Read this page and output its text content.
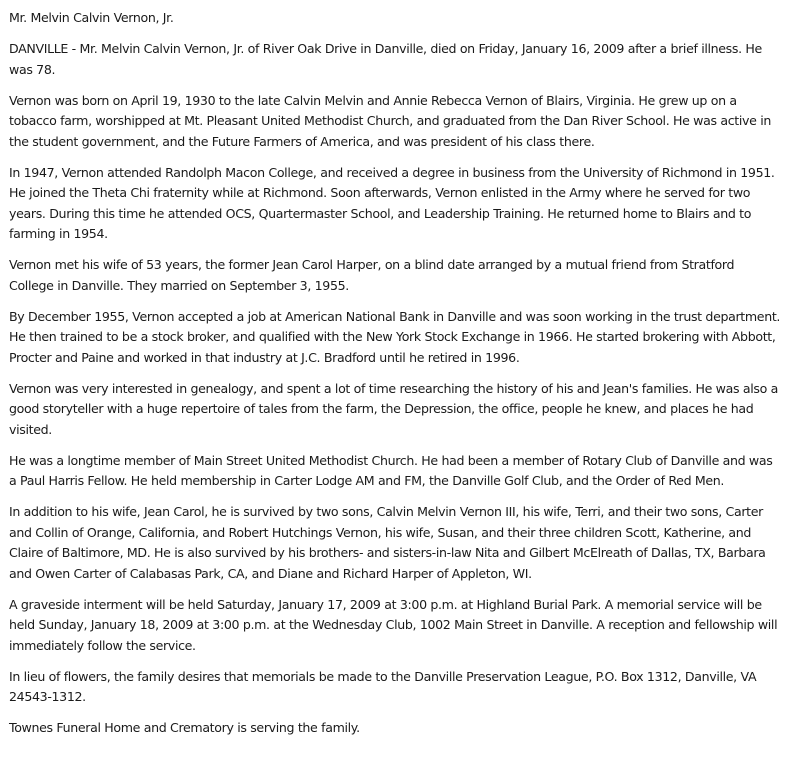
Mr. Melvin Calvin Vernon, Jr.

DANVILLE - Mr. Melvin Calvin Vernon, Jr. of River Oak Drive in Danville, died on Friday, January 16, 2009 after a brief illness. He was 78.

Vernon was born on April 19, 1930 to the late Calvin Melvin and Annie Rebecca Vernon of Blairs, Virginia. He grew up on a tobacco farm, worshipped at Mt. Pleasant United Methodist Church, and graduated from the Dan River School. He was active in the student government, and the Future Farmers of America, and was president of his class there.

In 1947, Vernon attended Randolph Macon College, and received a degree in business from the University of Richmond in 1951. He joined the Theta Chi fraternity while at Richmond. Soon afterwards, Vernon enlisted in the Army where he served for two years. During this time he attended OCS, Quartermaster School, and Leadership Training. He returned home to Blairs and to farming in 1954.

Vernon met his wife of 53 years, the former Jean Carol Harper, on a blind date arranged by a mutual friend from Stratford College in Danville. They married on September 3, 1955.

By December 1955, Vernon accepted a job at American National Bank in Danville and was soon working in the trust department. He then trained to be a stock broker, and qualified with the New York Stock Exchange in 1966. He started brokering with Abbott, Procter and Paine and worked in that industry at J.C. Bradford until he retired in 1996.

Vernon was very interested in genealogy, and spent a lot of time researching the history of his and Jean's families. He was also a good storyteller with a huge repertoire of tales from the farm, the Depression, the office, people he knew, and places he had visited.

He was a longtime member of Main Street United Methodist Church. He had been a member of Rotary Club of Danville and was a Paul Harris Fellow. He held membership in Carter Lodge AM and FM, the Danville Golf Club, and the Order of Red Men.

In addition to his wife, Jean Carol, he is survived by two sons, Calvin Melvin Vernon III, his wife, Terri, and their two sons, Carter and Collin of Orange, California, and Robert Hutchings Vernon, his wife, Susan, and their three children Scott, Katherine, and Claire of Baltimore, MD. He is also survived by his brothers- and sisters-in-law Nita and Gilbert McElreath of Dallas, TX, Barbara and Owen Carter of Calabasas Park, CA, and Diane and Richard Harper of Appleton, WI.

A graveside interment will be held Saturday, January 17, 2009 at 3:00 p.m. at Highland Burial Park. A memorial service will be held Sunday, January 18, 2009 at 3:00 p.m. at the Wednesday Club, 1002 Main Street in Danville. A reception and fellowship will immediately follow the service.

In lieu of flowers, the family desires that memorials be made to the Danville Preservation League, P.O. Box 1312, Danville, VA 24543-1312.

Townes Funeral Home and Crematory is serving the family.
